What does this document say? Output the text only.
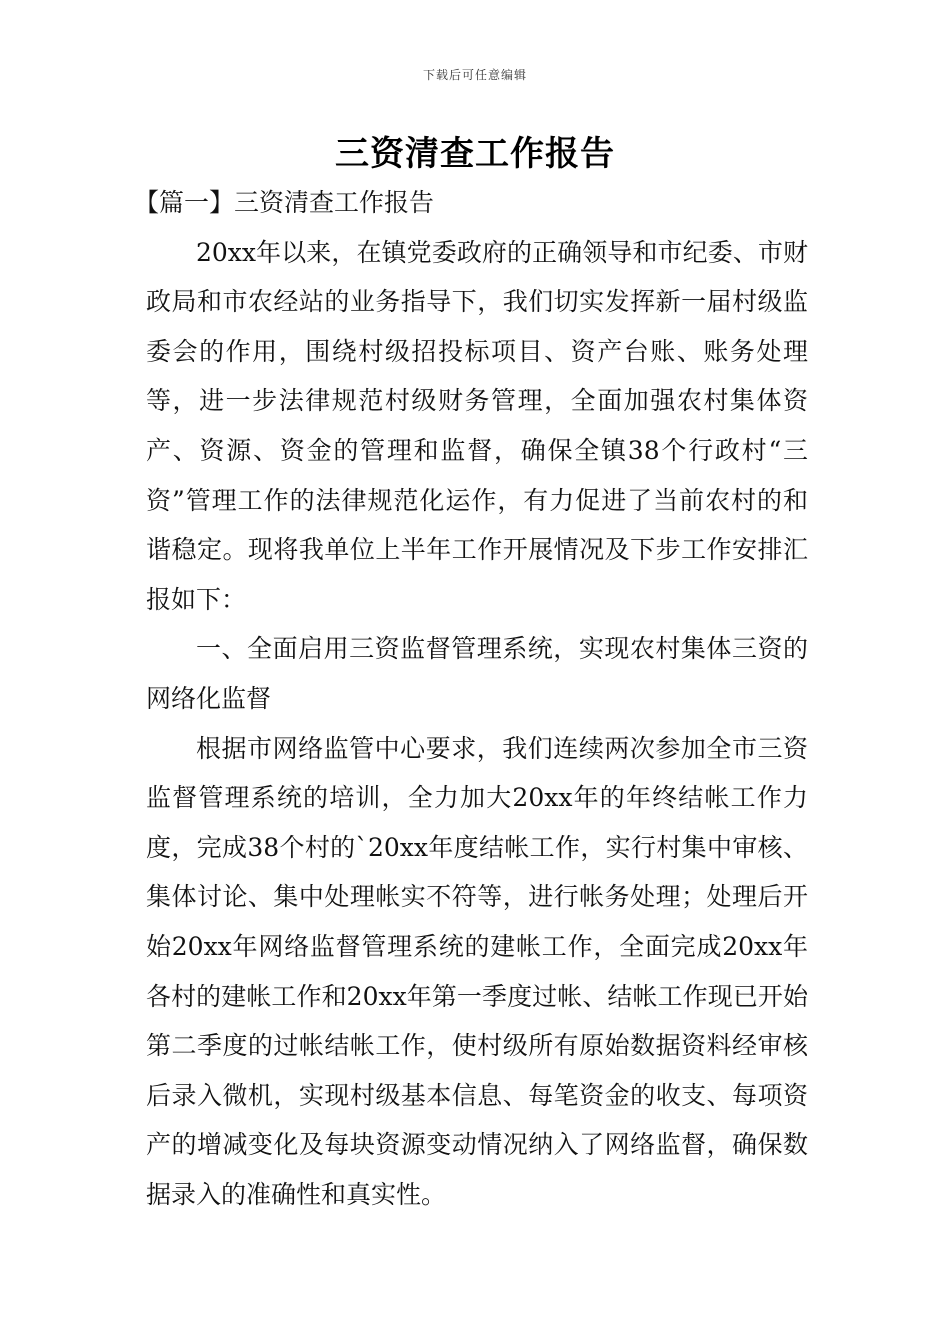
下载后可任意编辑
三资清查工作报告

【篇一】三资清查工作报告

20xx年以来，在镇党委政府的正确领导和市纪委、市财政局和市农经站的业务指导下，我们切实发挥新一届村级监委会的作用，围绕村级招投标项目、资产台账、账务处理等，进一步法律规范村级财务管理，全面加强农村集体资产、资源、资金的管理和监督，确保全镇38个行政村“三资”管理工作的法律规范化运作，有力促进了当前农村的和谐稳定。现将我单位上半年工作开展情况及下步工作安排汇报如下：

一、全面启用三资监督管理系统，实现农村集体三资的网络化监督

根据市网络监管中心要求，我们连续两次参加全市三资监督管理系统的培训，全力加大20xx年的年终结帐工作力度，完成38个村的`20xx年度结帐工作，实行村集中审核、集体讨论、集中处理帐实不符等，进行帐务处理；处理后开始20xx年网络监督管理系统的建帐工作，全面完成20xx年各村的建帐工作和20xx年第一季度过帐、结帐工作现已开始第二季度的过帐结帐工作，使村级所有原始数据资料经审核后录入微机，实现村级基本信息、每笔资金的收支、每项资产的增减变化及每块资源变动情况纳入了网络监督，确保数据录入的准确性和真实性。
